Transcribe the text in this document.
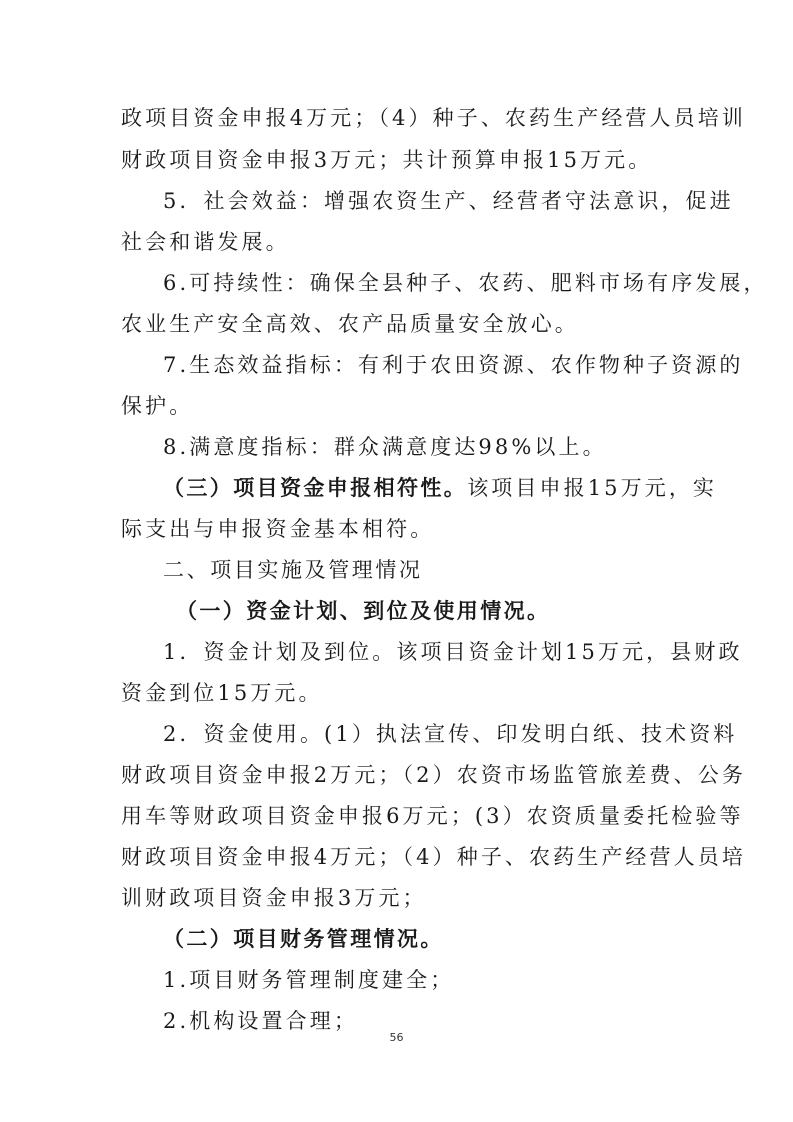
政项目资金申报4万元；（4）种子、农药生产经营人员培训
财政项目资金申报3万元；共计预算申报15万元。
5．社会效益：增强农资生产、经营者守法意识，促进
社会和谐发展。
6.可持续性：确保全县种子、农药、肥料市场有序发展，
农业生产安全高效、农产品质量安全放心。
7.生态效益指标：有利于农田资源、农作物种子资源的
保护。
8.满意度指标：群众满意度达98%以上。
（三）项目资金申报相符性。该项目申报15万元，实
际支出与申报资金基本相符。
二、项目实施及管理情况
（一）资金计划、到位及使用情况。
1．资金计划及到位。该项目资金计划15万元，县财政
资金到位15万元。
2．资金使用。(1）执法宣传、印发明白纸、技术资料
财政项目资金申报2万元；（2）农资市场监管旅差费、公务
用车等财政项目资金申报6万元；(3）农资质量委托检验等
财政项目资金申报4万元；（4）种子、农药生产经营人员培
训财政项目资金申报3万元；
（二）项目财务管理情况。
1.项目财务管理制度建全；
2.机构设置合理；
56
